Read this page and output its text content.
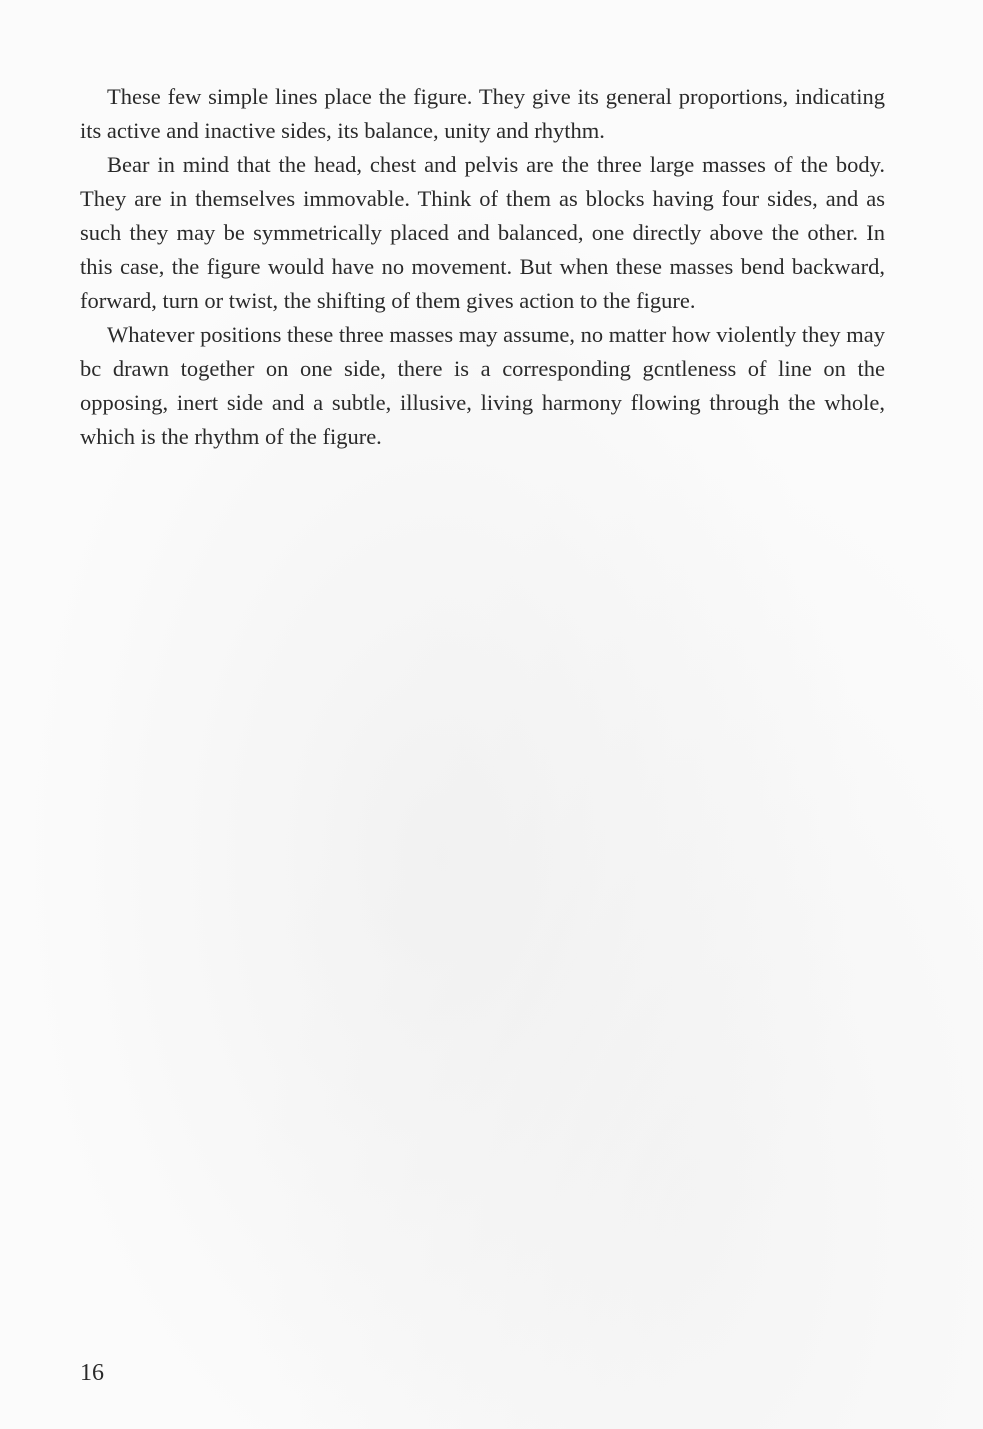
These few simple lines place the figure. They give its general proportions, indicating its active and inactive sides, its balance, unity and rhythm.

Bear in mind that the head, chest and pelvis are the three large masses of the body. They are in themselves immovable. Think of them as blocks having four sides, and as such they may be symmetrically placed and balanced, one directly above the other. In this case, the figure would have no movement. But when these masses bend backward, forward, turn or twist, the shifting of them gives action to the figure.

Whatever positions these three masses may assume, no matter how violently they may bc drawn together on one side, there is a corresponding gcntleness of line on the opposing, inert side and a subtle, illusive, living harmony flowing through the whole, which is the rhythm of the figure.

16
